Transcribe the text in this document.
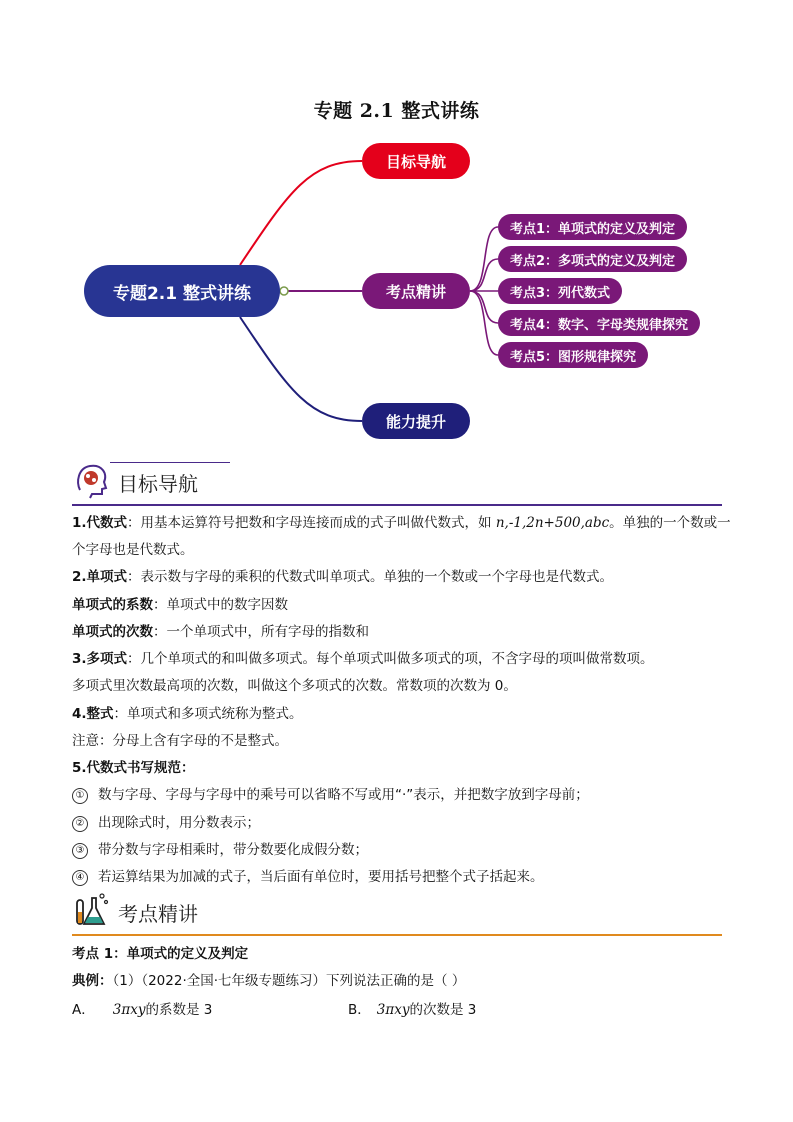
专题 2.1 整式讲练
专题2.1 整式讲练
目标导航
考点精讲
能力提升
考点1：单项式的定义及判定
考点2：多项式的定义及判定
考点3：列代数式
考点4：数字、字母类规律探究
考点5：图形规律探究
目标导航
1.代数式：用基本运算符号把数和字母连接而成的式子叫做代数式，如 n,-1,2n+500,abc。单独的一个数或一
个字母也是代数式。
2.单项式：表示数与字母的乘积的代数式叫单项式。单独的一个数或一个字母也是代数式。
单项式的系数：单项式中的数字因数
单项式的次数：一个单项式中，所有字母的指数和
3.多项式：几个单项式的和叫做多项式。每个单项式叫做多项式的项，不含字母的项叫做常数项。
多项式里次数最高项的次数，叫做这个多项式的次数。常数项的次数为 0。
4.整式：单项式和多项式统称为整式。
注意：分母上含有字母的不是整式。
5.代数式书写规范：
① 数与字母、字母与字母中的乘号可以省略不写或用“·”表示，并把数字放到字母前；
② 出现除式时，用分数表示；
③ 带分数与字母相乘时，带分数要化成假分数；
④ 若运算结果为加减的式子，当后面有单位时，要用括号把整个式子括起来。
考点精讲
考点 1：单项式的定义及判定
典例：（1）（2022·全国·七年级专题练习）下列说法正确的是（ ）
A． 3πxy的系数是 3	B． 3πxy的次数是 3
